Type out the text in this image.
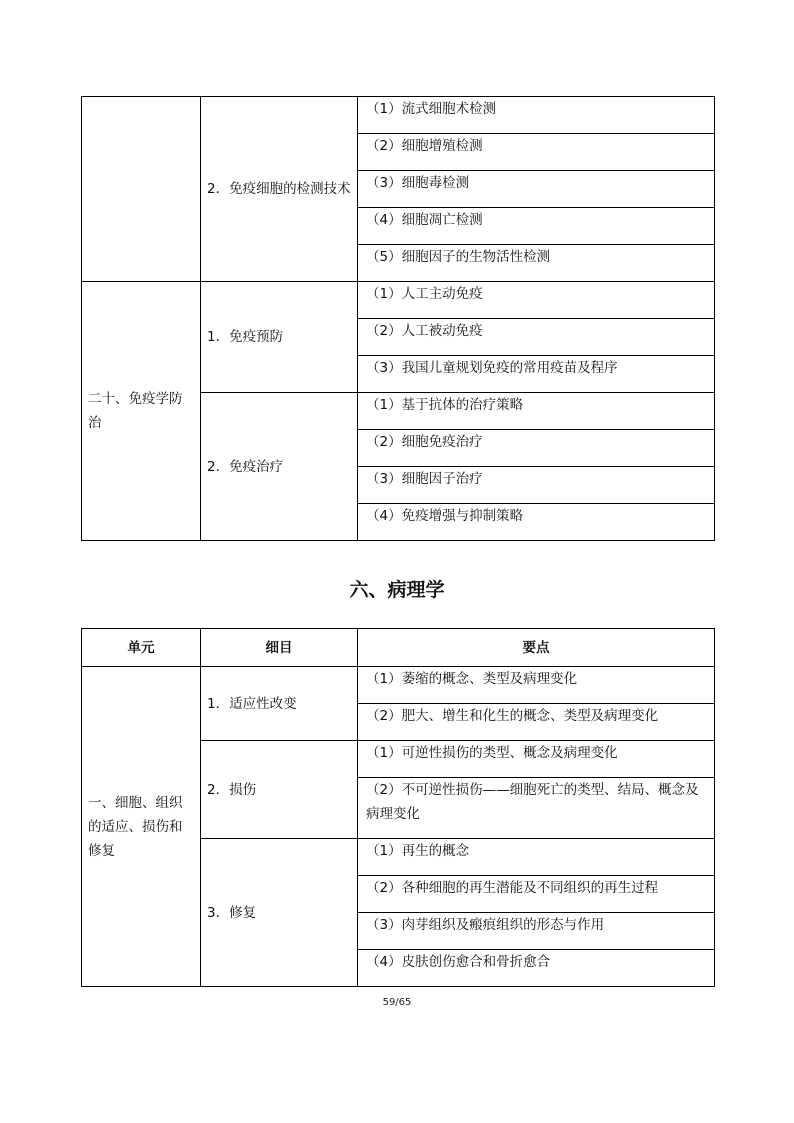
	2．免疫细胞的检测技术	（1）流式细胞术检测
		（2）细胞增殖检测
		（3）细胞毒检测
		（4）细胞凋亡检测
		（5）细胞因子的生物活性检测
二十、免疫学防治	1．免疫预防	（1）人工主动免疫
		（2）人工被动免疫
		（3）我国儿童规划免疫的常用疫苗及程序
	2．免疫治疗	（1）基于抗体的治疗策略
		（2）细胞免疫治疗
		（3）细胞因子治疗
		（4）免疫增强与抑制策略
六、病理学
单元	细目	要点
一、细胞、组织的适应、损伤和修复	1．适应性改变	（1）萎缩的概念、类型及病理变化
		（2）肥大、增生和化生的概念、类型及病理变化
	2．损伤	（1）可逆性损伤的类型、概念及病理变化
		（2）不可逆性损伤——细胞死亡的类型、结局、概念及病理变化
	3．修复	（1）再生的概念
		（2）各种细胞的再生潜能及不同组织的再生过程
		（3）肉芽组织及瘢痕组织的形态与作用
		（4）皮肤创伤愈合和骨折愈合
59/65
